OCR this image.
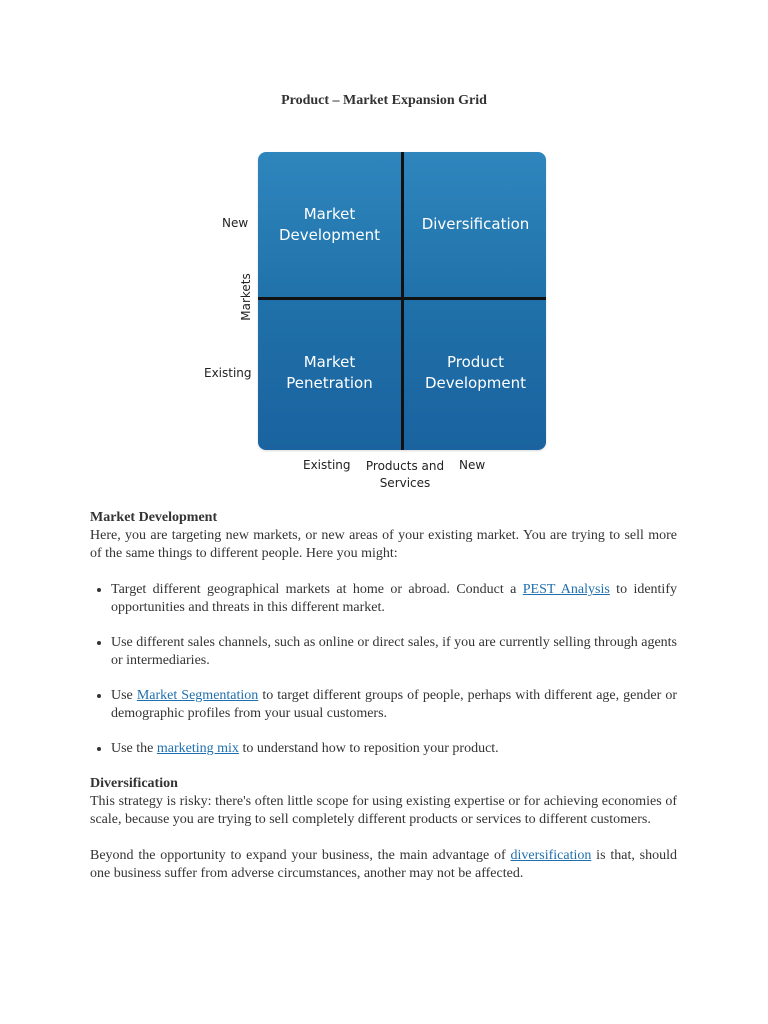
Product – Market Expansion Grid
Market
Development
Diversification
Market
Penetration
Product
Development
New
Markets
Existing
Existing	Products and
Services
New

Market Development

Here, you are targeting new markets, or new areas of your existing market. You are trying to sell more of the same things to different people. Here you might:

• Target different geographical markets at home or abroad. Conduct a PEST Analysis to identify opportunities and threats in this different market.
• Use different sales channels, such as online or direct sales, if you are currently selling through agents or intermediaries.
• Use Market Segmentation to target different groups of people, perhaps with different age, gender or demographic profiles from your usual customers.
• Use the marketing mix to understand how to reposition your product.

Diversification

This strategy is risky: there's often little scope for using existing expertise or for achieving economies of scale, because you are trying to sell completely different products or services to different customers.

Beyond the opportunity to expand your business, the main advantage of diversification is that, should one business suffer from adverse circumstances, another may not be affected.
